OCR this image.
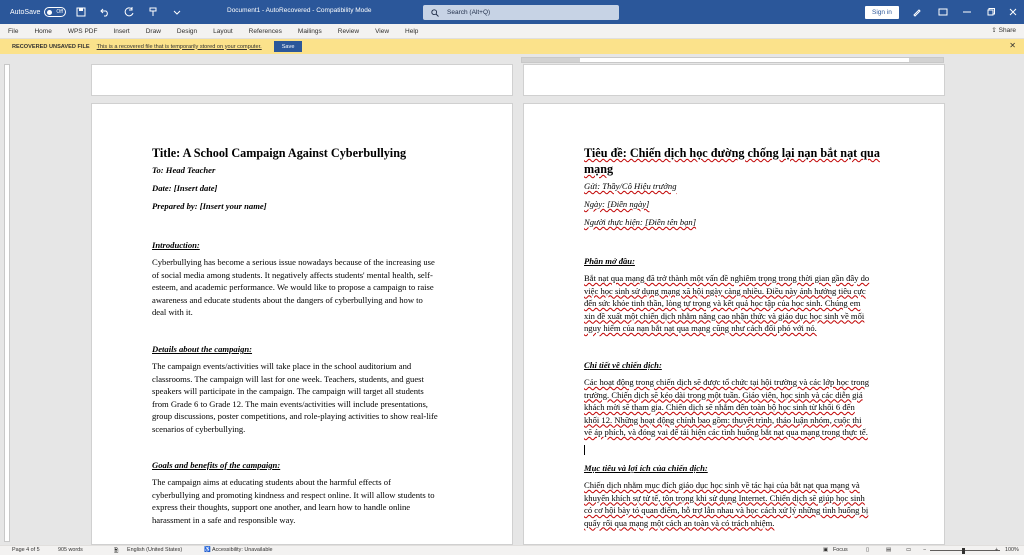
AutoSave	Off	Document1 - AutoRecovered - Compatibility Mode	Search (Alt+Q)	Sign in
File	Home	WPS PDF	Insert	Draw	Design	Layout	References	Mailings	Review	View	Help	⇪ Share
RECOVERED UNSAVED FILE This is a recovered file that is temporarily stored on your computer.	Save	✕
Title: A School Campaign Against Cyberbullying
To: Head Teacher
Date: [Insert date]
Prepared by: [Insert your name]
Introduction:
Cyberbullying has become a serious issue nowadays because of the increasing use
of social media among students. It negatively affects students' mental health, self-
esteem, and academic performance. We would like to propose a campaign to raise
awareness and educate students about the dangers of cyberbullying and how to
deal with it.
Details about the campaign:
The campaign events/activities will take place in the school auditorium and
classrooms. The campaign will last for one week. Teachers, students, and guest
speakers will participate in the campaign. The campaign will target all students
from Grade 6 to Grade 12. The main events/activities will include presentations,
group discussions, poster competitions, and role-playing activities to show real-life
scenarios of cyberbullying.
Goals and benefits of the campaign:
The campaign aims at educating students about the harmful effects of
cyberbullying and promoting kindness and respect online. It will allow students to
express their thoughts, support one another, and learn how to handle online
harassment in a safe and responsible way.
Tiêu đề: Chiến dịch học đường chống lại nạn bắt nạt qua
mạng
Gửi: Thầy/Cô Hiệu trưởng
Ngày: [Điền ngày]
Người thực hiện: [Điền tên bạn]
Phần mở đầu:
Bắt nạt qua mạng đã trở thành một vấn đề nghiêm trọng trong thời gian gần đây do
việc học sinh sử dụng mạng xã hội ngày càng nhiều. Điều này ảnh hưởng tiêu cực
đến sức khỏe tinh thần, lòng tự trọng và kết quả học tập của học sinh. Chúng em
xin đề xuất một chiến dịch nhằm nâng cao nhận thức và giáo dục học sinh về mối
nguy hiểm của nạn bắt nạt qua mạng cũng như cách đối phó với nó.
Chi tiết về chiến dịch:
Các hoạt động trong chiến dịch sẽ được tổ chức tại hội trường và các lớp học trong
trường. Chiến dịch sẽ kéo dài trong một tuần. Giáo viên, học sinh và các diễn giả
khách mời sẽ tham gia. Chiến dịch sẽ nhắm đến toàn bộ học sinh từ khối 6 đến
khối 12. Những hoạt động chính bao gồm: thuyết trình, thảo luận nhóm, cuộc thi
vẽ áp phích, và đóng vai để tái hiện các tình huống bắt nạt qua mạng trong thực tế.
Mục tiêu và lợi ích của chiến dịch:
Chiến dịch nhằm mục đích giáo dục học sinh về tác hại của bắt nạt qua mạng và
khuyến khích sự tử tế, tôn trọng khi sử dụng Internet. Chiến dịch sẽ giúp học sinh
có cơ hội bày tỏ quan điểm, hỗ trợ lẫn nhau và học cách xử lý những tình huống bị
quấy rối qua mạng một cách an toàn và có trách nhiệm.
Page 4 of 5	905 words	🖹 English (United States)	♿ Accessibility: Unavailable	▣ Focus	▯	▤	▭ −	+ 100%
